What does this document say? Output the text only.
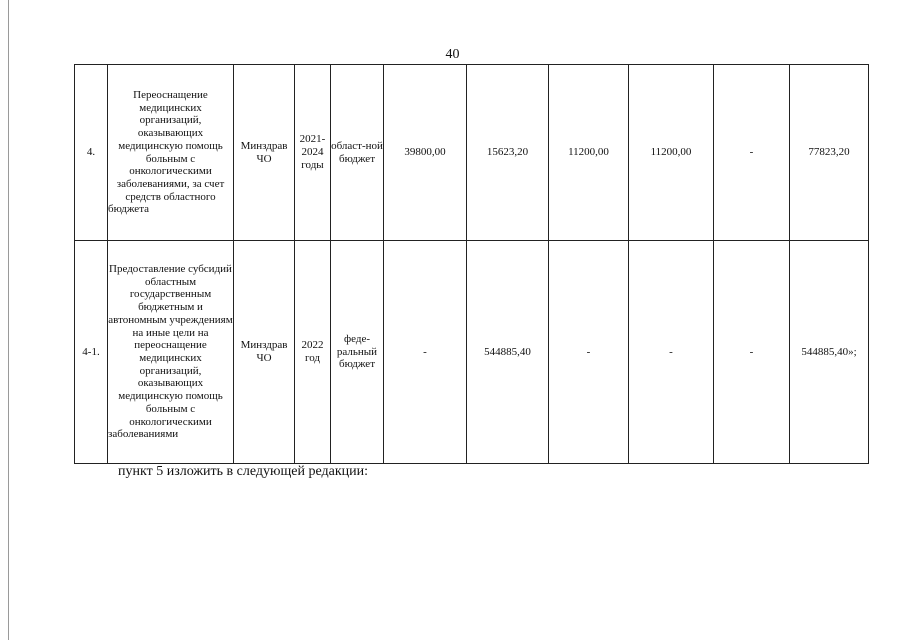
40
4.	Переоснащение медицинских организаций, оказывающих медицинскую помощь больным с онкологическими заболеваниями, за счет средств областного бюджета	Минздрав ЧО	2021-2024 годы	област-ной бюджет	39800,00	15623,20	11200,00	11200,00	-	77823,20
4-1.	Предоставление субсидий областным государственным бюджетным и автономным учреждениям на иные цели на переоснащение медицинских организаций, оказывающих медицинскую помощь больным с онкологическими заболеваниями	Минздрав ЧО	2022 год	феде-ральный бюджет	-	544885,40	-	-	-	544885,40»;
пункт 5 изложить в следующей редакции:
